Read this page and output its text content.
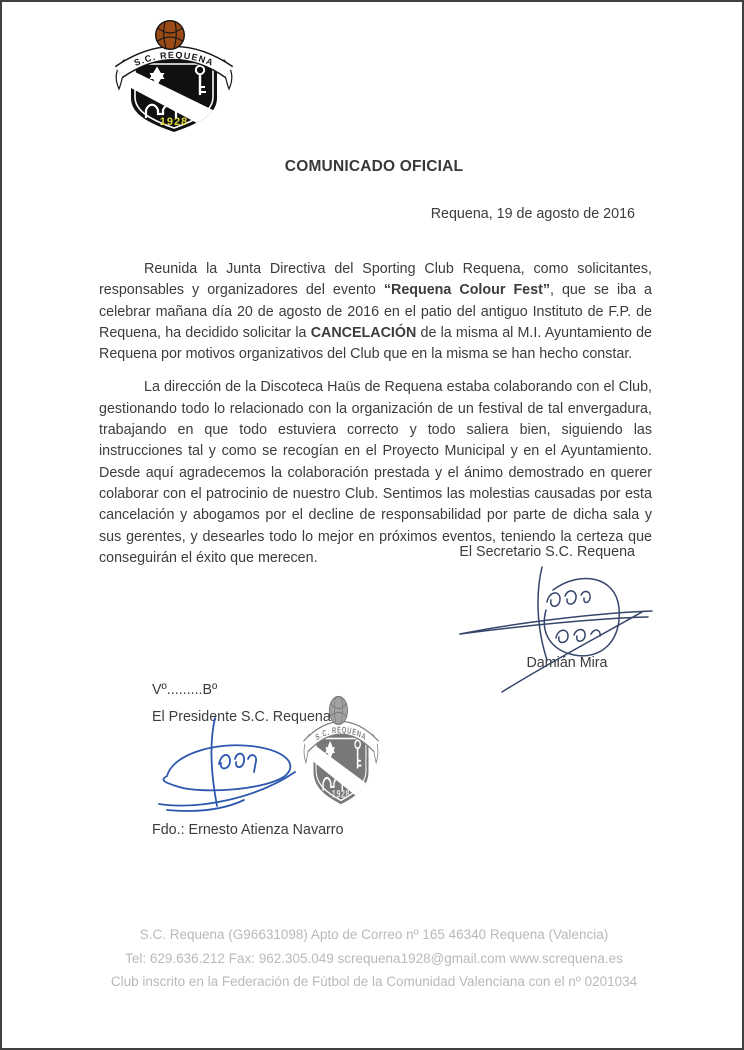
COMUNICADO OFICIAL
Requena, 19 de agosto de 2016

Reunida la Junta Directiva del Sporting Club Requena, como solicitantes, responsables y organizadores del evento “Requena Colour Fest”, que se iba a celebrar mañana día 20 de agosto de 2016 en el patio del antiguo Instituto de F.P. de Requena, ha decidido solicitar la CANCELACIÓN de la misma al M.I. Ayuntamiento de Requena por motivos organizativos del Club que en la misma se han hecho constar.

La dirección de la Discoteca Haüs de Requena estaba colaborando con el Club, gestionando todo lo relacionado con la organización de un festival de tal envergadura, trabajando en que todo estuviera correcto y todo saliera bien, siguiendo las instrucciones tal y como se recogían en el Proyecto Municipal y en el Ayuntamiento. Desde aquí agradecemos la colaboración prestada y el ánimo demostrado en querer colaborar con el patrocinio de nuestro Club. Sentimos las molestias causadas por esta cancelación y abogamos por el decline de responsabilidad por parte de dicha sala y sus gerentes, y desearles todo lo mejor en próximos eventos, teniendo la certeza que conseguirán el éxito que merecen.	El Secretario S.C. Requena
Damián Mira
Vº.........Bº
El Presidente S.C. Requena
Fdo.: Ernesto Atienza Navarro
S.C. Requena (G96631098) Apto de Correo nº 165 46340 Requena (Valencia)
Tel: 629.636.212 Fax: 962.305.049 screquena1928@gmail.com www.screquena.es
Club inscrito en la Federación de Fútbol de la Comunidad Valenciana con el nº 0201034
